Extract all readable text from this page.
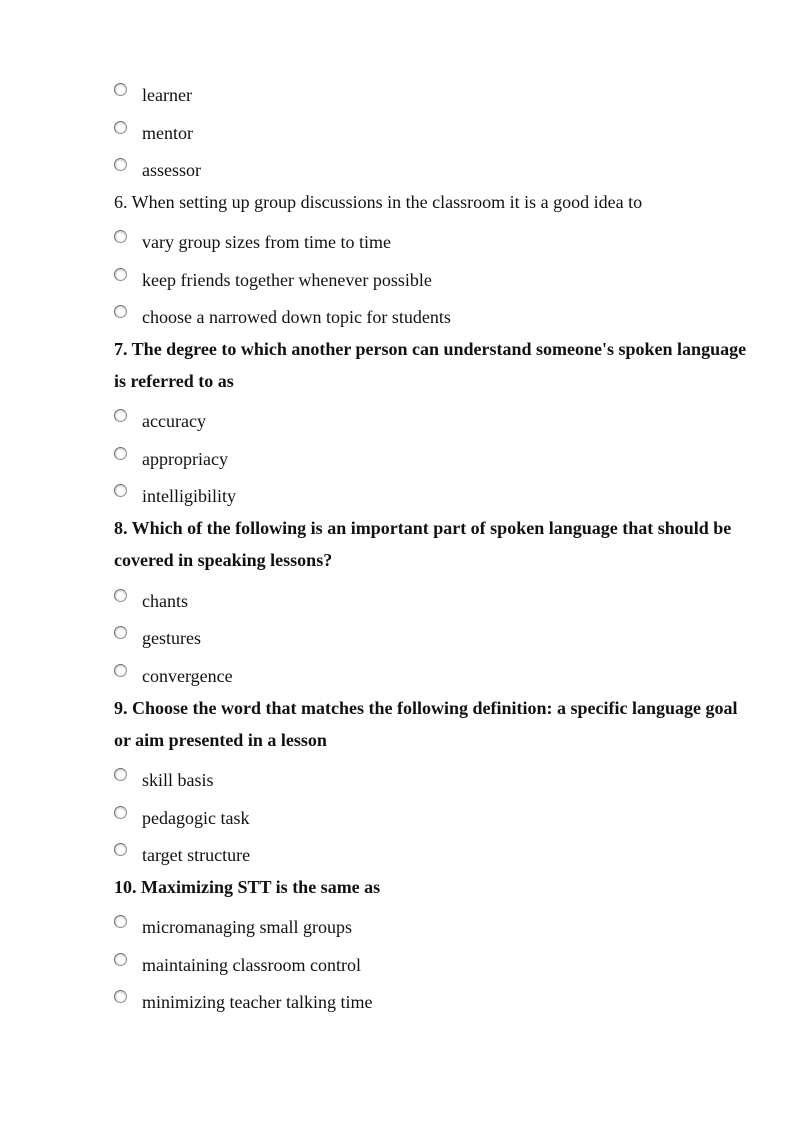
learner
mentor
assessor

6. When setting up group discussions in the classroom it is a good idea to

vary group sizes from time to time
keep friends together whenever possible
choose a narrowed down topic for students

7. The degree to which another person can understand someone's spoken language is referred to as

accuracy
appropriacy
intelligibility

8. Which of the following is an important part of spoken language that should be covered in speaking lessons?

chants
gestures
convergence

9. Choose the word that matches the following definition: a specific language goal or aim presented in a lesson

skill basis
pedagogic task
target structure

10. Maximizing STT is the same as

micromanaging small groups
maintaining classroom control
minimizing teacher talking time
